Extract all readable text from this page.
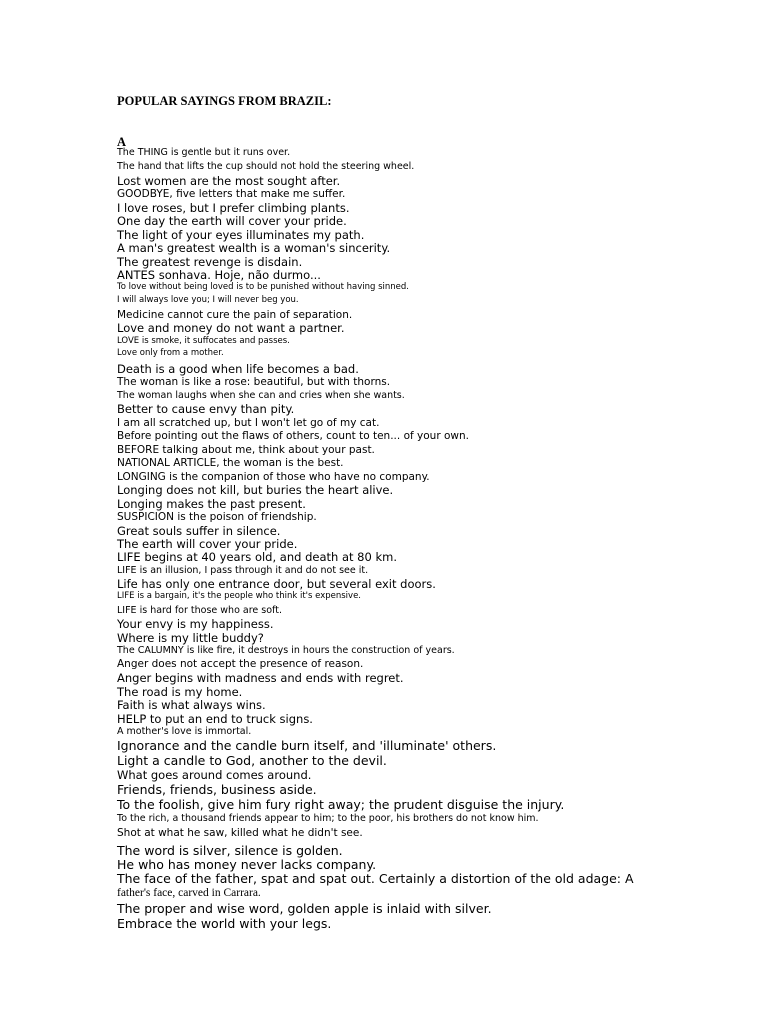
POPULAR SAYINGS FROM BRAZIL:
A

The THING is gentle but it runs over.

The hand that lifts the cup should not hold the steering wheel.

Lost women are the most sought after.

GOODBYE, five letters that make me suffer.

I love roses, but I prefer climbing plants.

One day the earth will cover your pride.

The light of your eyes illuminates my path.

A man's greatest wealth is a woman's sincerity.

The greatest revenge is disdain.

ANTES sonhava. Hoje, não durmo...

To love without being loved is to be punished without having sinned.

I will always love you; I will never beg you.

Medicine cannot cure the pain of separation.

Love and money do not want a partner.

LOVE is smoke, it suffocates and passes.

Love only from a mother.

Death is a good when life becomes a bad.

The woman is like a rose: beautiful, but with thorns.

The woman laughs when she can and cries when she wants.

Better to cause envy than pity.

I am all scratched up, but I won't let go of my cat.

Before pointing out the flaws of others, count to ten... of your own.

BEFORE talking about me, think about your past.

NATIONAL ARTICLE, the woman is the best.

LONGING is the companion of those who have no company.

Longing does not kill, but buries the heart alive.

Longing makes the past present.

SUSPICION is the poison of friendship.

Great souls suffer in silence.

The earth will cover your pride.

LIFE begins at 40 years old, and death at 80 km.

LIFE is an illusion, I pass through it and do not see it.

Life has only one entrance door, but several exit doors.

LIFE is a bargain, it's the people who think it's expensive.

LIFE is hard for those who are soft.

Your envy is my happiness.

Where is my little buddy?

The CALUMNY is like fire, it destroys in hours the construction of years.

Anger does not accept the presence of reason.

Anger begins with madness and ends with regret.

The road is my home.

Faith is what always wins.

HELP to put an end to truck signs.

A mother's love is immortal.

Ignorance and the candle burn itself, and 'illuminate' others.

Light a candle to God, another to the devil.

What goes around comes around.

Friends, friends, business aside.

To the foolish, give him fury right away; the prudent disguise the injury.

To the rich, a thousand friends appear to him; to the poor, his brothers do not know him.

Shot at what he saw, killed what he didn't see.

The word is silver, silence is golden.

He who has money never lacks company.

The face of the father, spat and spat out. Certainly a distortion of the old adage: A

father's face, carved in Carrara.

The proper and wise word, golden apple is inlaid with silver.

Embrace the world with your legs.
